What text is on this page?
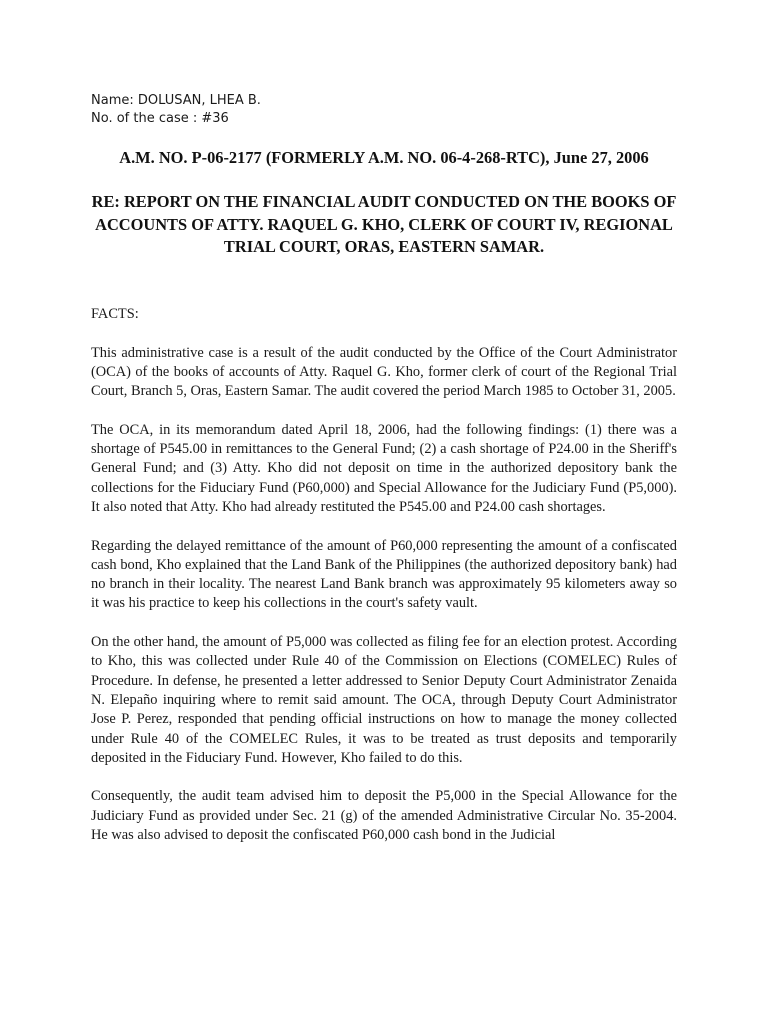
Name: DOLUSAN, LHEA B.
No. of the case : #36
A.M. NO. P-06-2177 (FORMERLY A.M. NO. 06-4-268-RTC), June 27, 2006
RE: REPORT ON THE FINANCIAL AUDIT CONDUCTED ON THE BOOKS OF ACCOUNTS OF ATTY. RAQUEL G. KHO, CLERK OF COURT IV, REGIONAL TRIAL COURT, ORAS, EASTERN SAMAR.

FACTS:

This administrative case is a result of the audit conducted by the Office of the Court Administrator (OCA) of the books of accounts of Atty. Raquel G. Kho, former clerk of court of the Regional Trial Court, Branch 5, Oras, Eastern Samar. The audit covered the period March 1985 to October 31, 2005.

The OCA, in its memorandum dated April 18, 2006, had the following findings: (1) there was a shortage of P545.00 in remittances to the General Fund; (2) a cash shortage of P24.00 in the Sheriff's General Fund; and (3) Atty. Kho did not deposit on time in the authorized depository bank the collections for the Fiduciary Fund (P60,000) and Special Allowance for the Judiciary Fund (P5,000). It also noted that Atty. Kho had already restituted the P545.00 and P24.00 cash shortages.

Regarding the delayed remittance of the amount of P60,000 representing the amount of a confiscated cash bond, Kho explained that the Land Bank of the Philippines (the authorized depository bank) had no branch in their locality. The nearest Land Bank branch was approximately 95 kilometers away so it was his practice to keep his collections in the court's safety vault.

On the other hand, the amount of P5,000 was collected as filing fee for an election protest. According to Kho, this was collected under Rule 40 of the Commission on Elections (COMELEC) Rules of Procedure. In defense, he presented a letter addressed to Senior Deputy Court Administrator Zenaida N. Elepaño inquiring where to remit said amount. The OCA, through Deputy Court Administrator Jose P. Perez, responded that pending official instructions on how to manage the money collected under Rule 40 of the COMELEC Rules, it was to be treated as trust deposits and temporarily deposited in the Fiduciary Fund. However, Kho failed to do this.

Consequently, the audit team advised him to deposit the P5,000 in the Special Allowance for the Judiciary Fund as provided under Sec. 21 (g) of the amended Administrative Circular No. 35-2004. He was also advised to deposit the confiscated P60,000 cash bond in the Judicial
